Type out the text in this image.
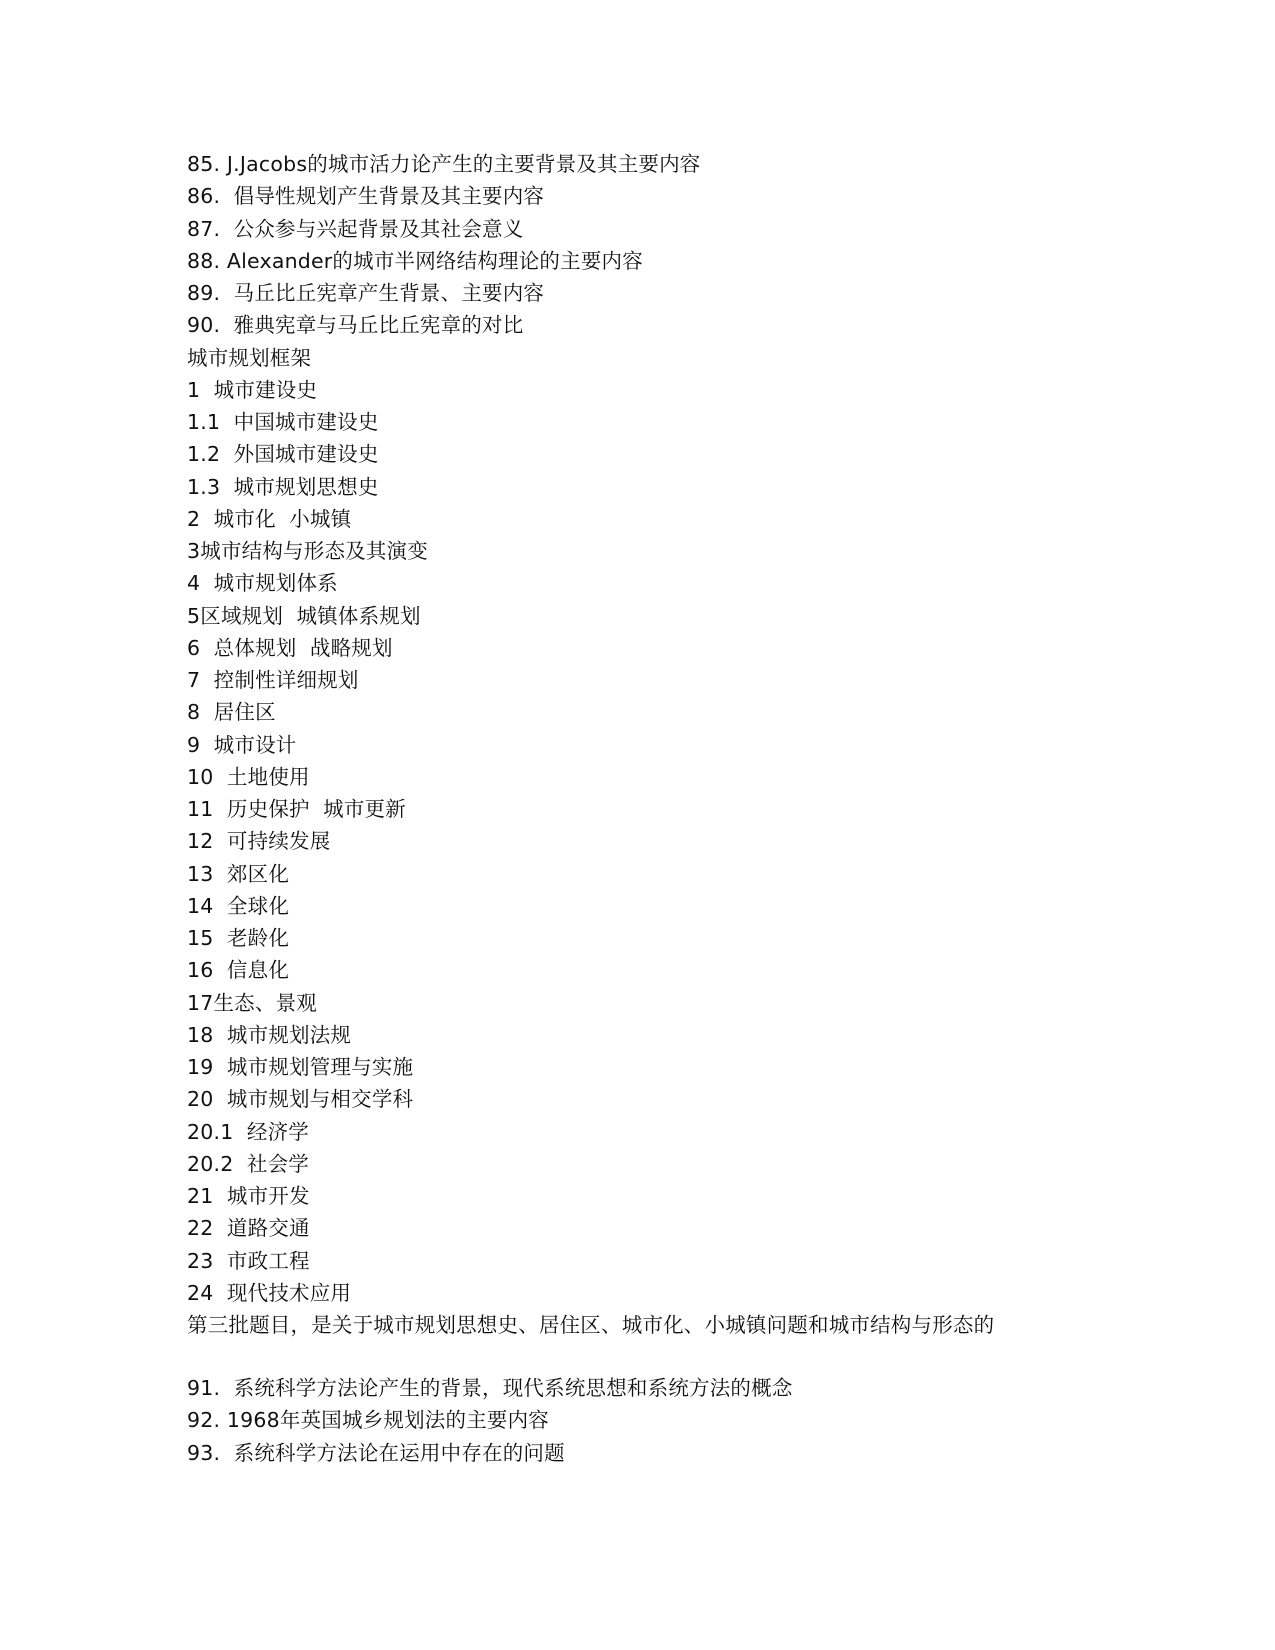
85. J.Jacobs的城市活力论产生的主要背景及其主要内容
86.  倡导性规划产生背景及其主要内容
87.  公众参与兴起背景及其社会意义
88. Alexander的城市半网络结构理论的主要内容
89.  马丘比丘宪章产生背景、主要内容
90.  雅典宪章与马丘比丘宪章的对比
城市规划框架
1  城市建设史
1.1  中国城市建设史
1.2  外国城市建设史
1.3  城市规划思想史
2  城市化  小城镇
3城市结构与形态及其演变
4  城市规划体系
5区域规划  城镇体系规划
6  总体规划  战略规划
7  控制性详细规划
8  居住区
9  城市设计
10  土地使用
11  历史保护  城市更新
12  可持续发展
13  郊区化
14  全球化
15  老龄化
16  信息化
17生态、景观
18  城市规划法规
19  城市规划管理与实施
20  城市规划与相交学科
20.1  经济学
20.2  社会学
21  城市开发
22  道路交通
23  市政工程
24  现代技术应用
第三批题目，是关于城市规划思想史、居住区、城市化、小城镇问题和城市结构与形态的
91.  系统科学方法论产生的背景，现代系统思想和系统方法的概念
92. 1968年英国城乡规划法的主要内容
93.  系统科学方法论在运用中存在的问题
